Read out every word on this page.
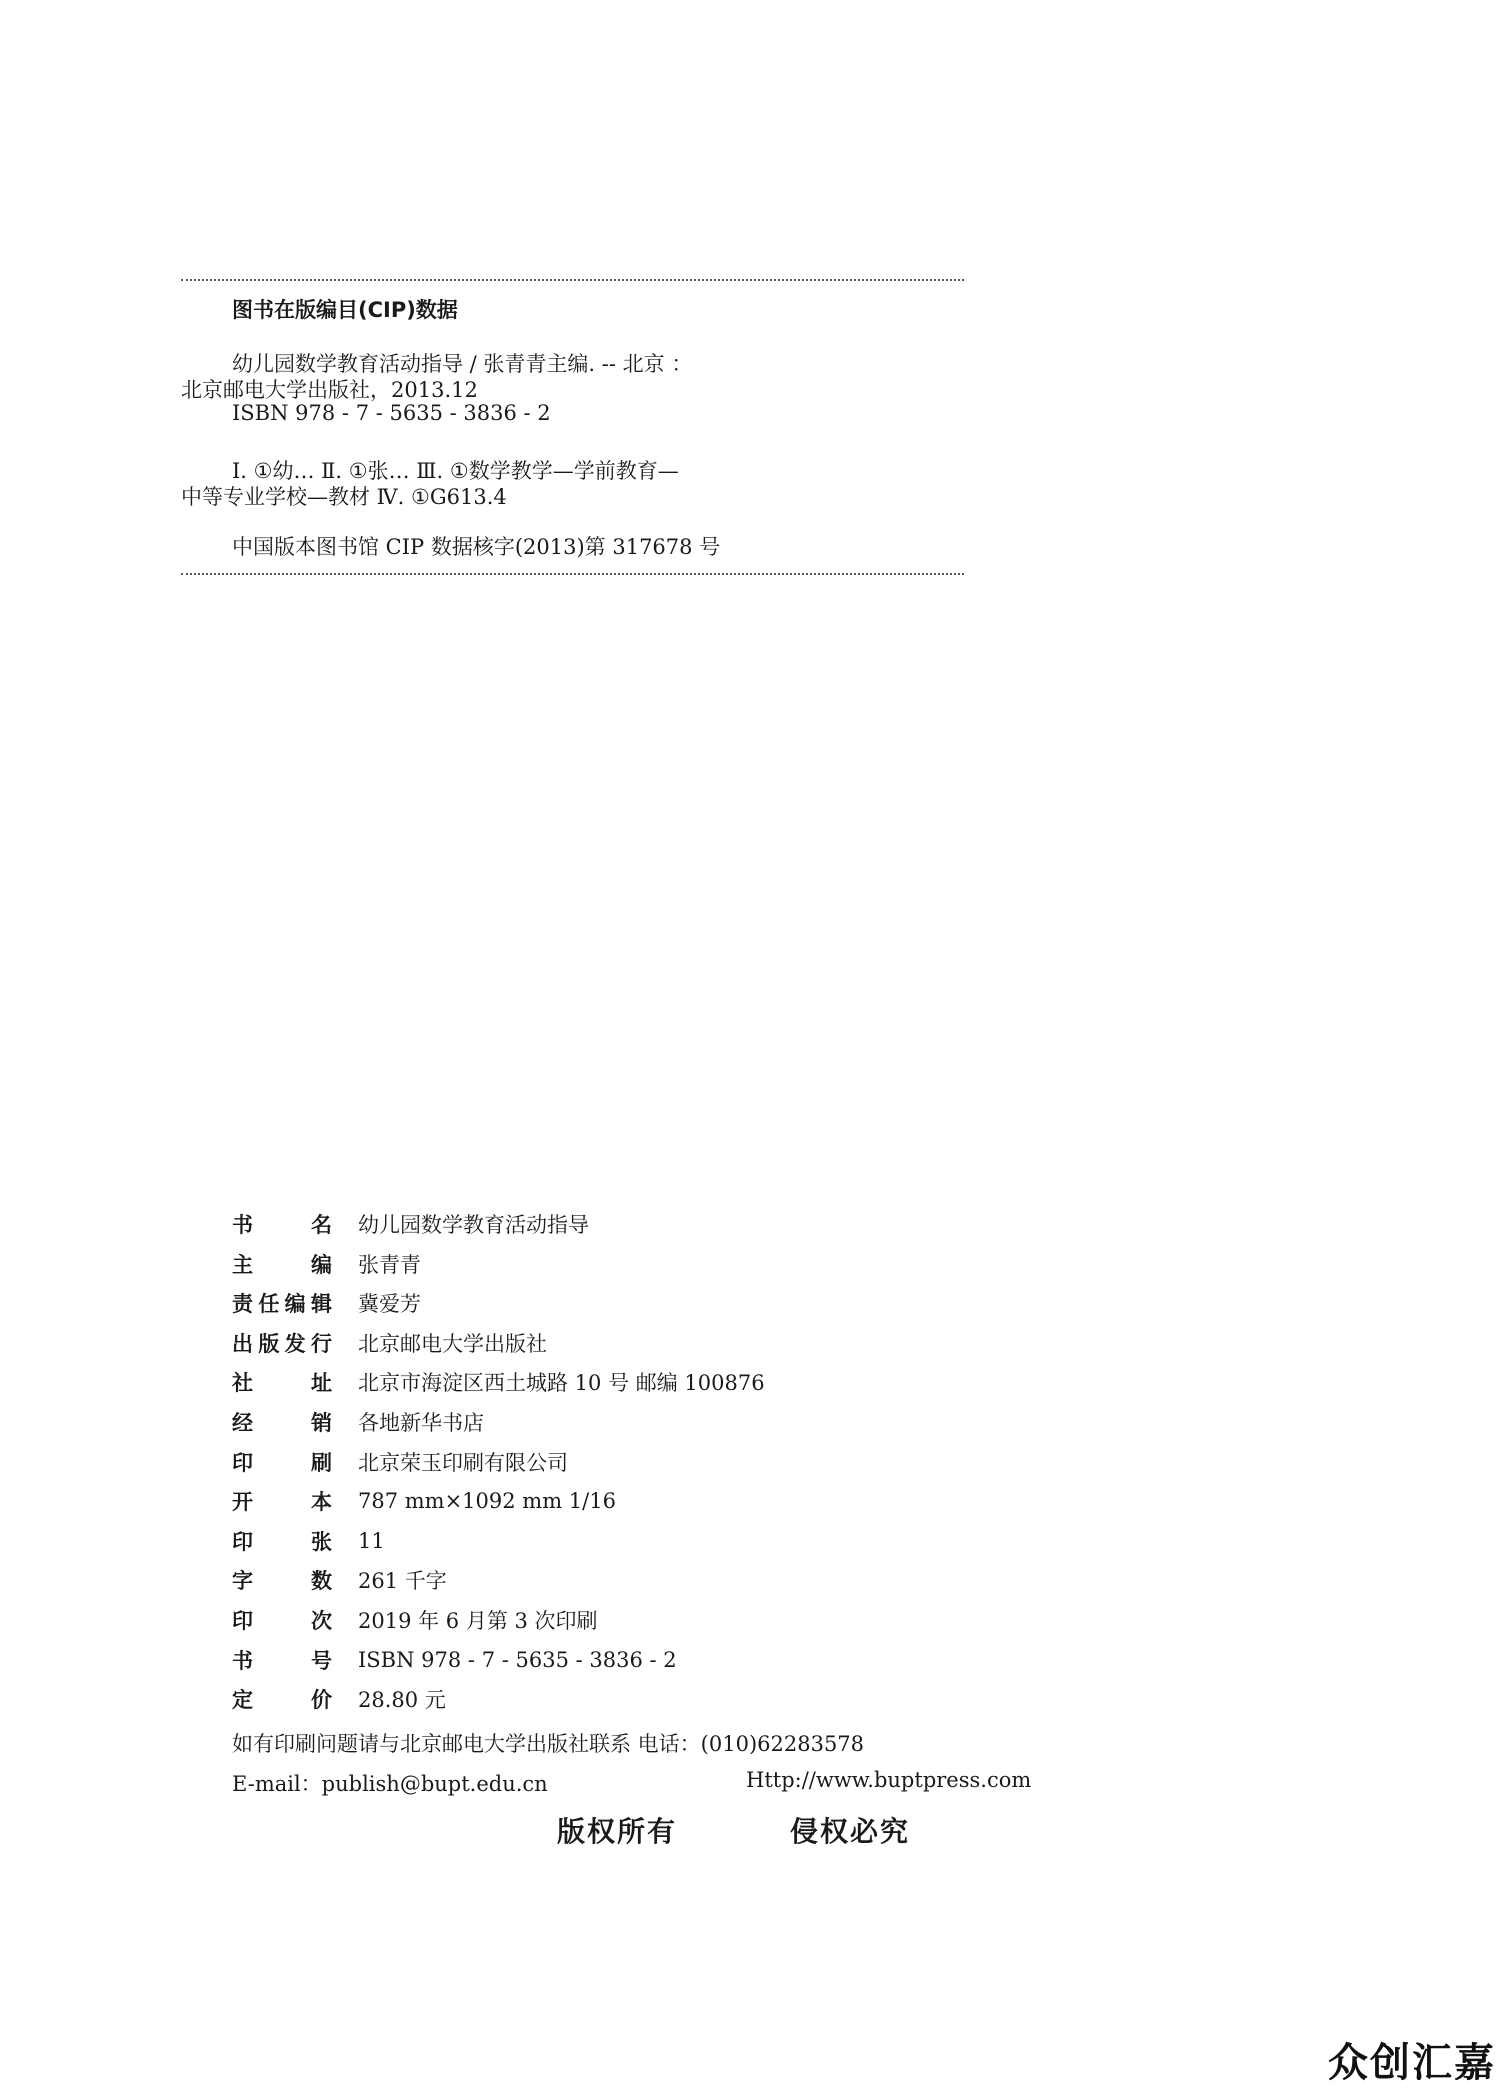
图书在版编目(CIP)数据
幼儿园数学教育活动指导 / 张青青主编. -- 北京 ：
北京邮电大学出版社，2013.12
ISBN 978 - 7 - 5635 - 3836 - 2
Ⅰ. ①幼… Ⅱ. ①张… Ⅲ. ①数学教学—学前教育—
中等专业学校—教材 Ⅳ. ①G613.4
中国版本图书馆 CIP 数据核字(2013)第 317678 号
书	名 幼儿园数学教育活动指导
主	编 张青青
责 任 编 辑 冀爱芳
出 版 发 行 北京邮电大学出版社
社	址 北京市海淀区西土城路 10 号 邮编 100876
经	销 各地新华书店
印	刷 北京荣玉印刷有限公司
开	本 787 mm×1092 mm 1/16
印	张 11
字	数 261 千字
印	次 2019 年 6 月第 3 次印刷
书	号 ISBN 978 - 7 - 5635 - 3836 - 2
定	价 28.80 元
如有印刷问题请与北京邮电大学出版社联系 电话：(010)62283578
E-mail：publish@bupt.edu.cn	Http://www.buptpress.com
版权所有	侵权必究
众创汇嘉
